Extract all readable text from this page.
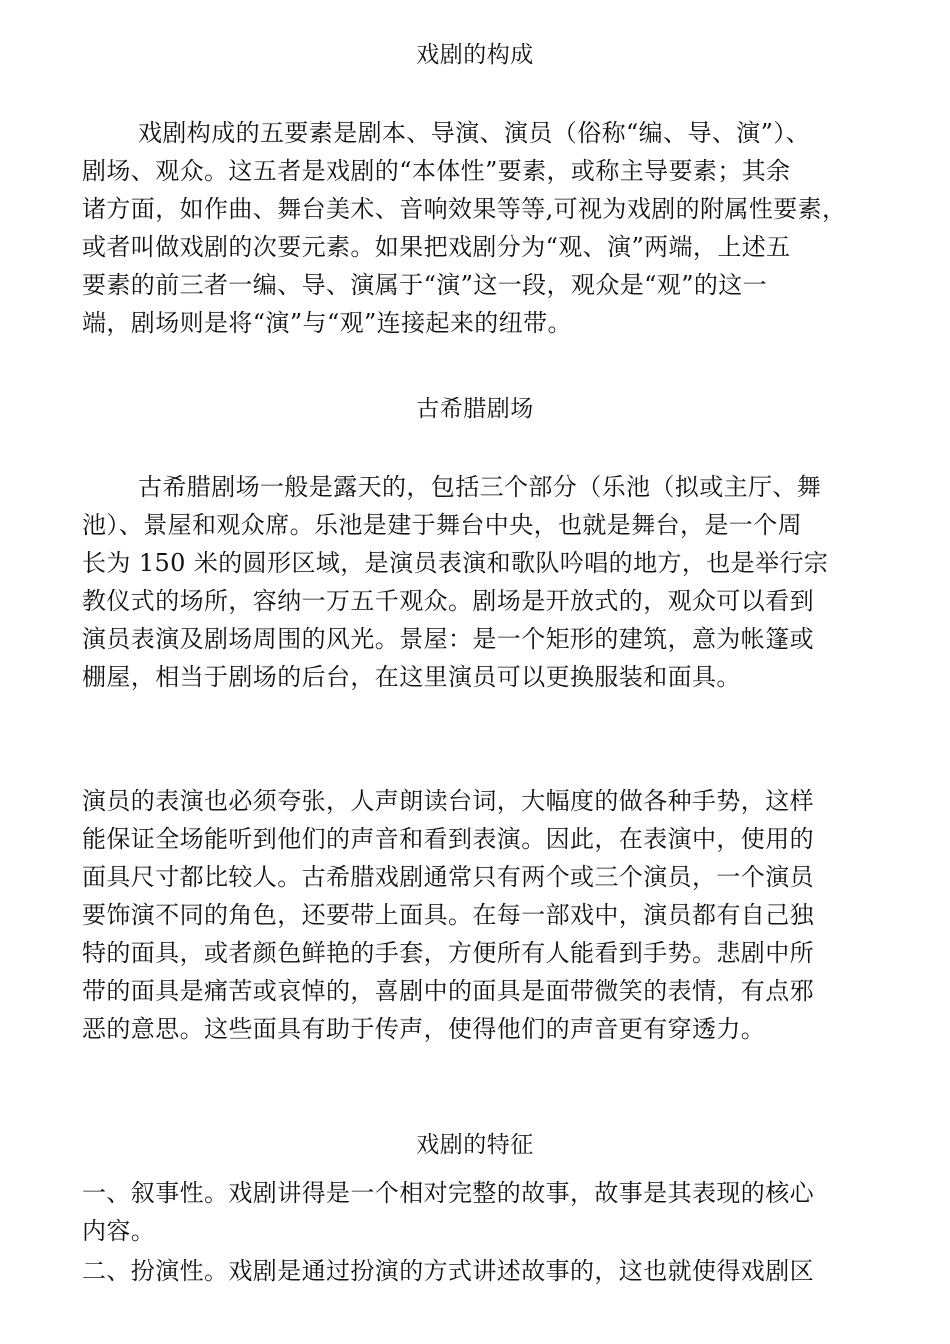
戏剧的构成
戏剧构成的五要素是剧本、导演、演员（俗称“编、导、演”）、
剧场、观众。这五者是戏剧的“本体性”要素，或称主导要素；其余
诸方面，如作曲、舞台美术、音响效果等等,可视为戏剧的附属性要素，
或者叫做戏剧的次要元素。如果把戏剧分为“观、演”两端，上述五
要素的前三者一编、导、演属于“演”这一段，观众是“观”的这一
端，剧场则是将“演”与“观”连接起来的纽带。
古希腊剧场
古希腊剧场一般是露天的，包括三个部分（乐池（拟或主厅、舞
池）、景屋和观众席。乐池是建于舞台中央，也就是舞台，是一个周
长为 150 米的圆形区域，是演员表演和歌队吟唱的地方，也是举行宗
教仪式的场所，容纳一万五千观众。剧场是开放式的，观众可以看到
演员表演及剧场周围的风光。景屋：是一个矩形的建筑，意为帐篷或
棚屋，相当于剧场的后台，在这里演员可以更换服装和面具。
演员的表演也必须夸张，人声朗读台词，大幅度的做各种手势，这样
能保证全场能听到他们的声音和看到表演。因此，在表演中，使用的
面具尺寸都比较人。古希腊戏剧通常只有两个或三个演员，一个演员
要饰演不同的角色，还要带上面具。在每一部戏中，演员都有自己独
特的面具，或者颜色鲜艳的手套，方便所有人能看到手势。悲剧中所
带的面具是痛苦或哀悼的，喜剧中的面具是面带微笑的表情，有点邪
恶的意思。这些面具有助于传声，使得他们的声音更有穿透力。
戏剧的特征
一、叙事性。戏剧讲得是一个相对完整的故事，故事是其表现的核心
内容。
二、扮演性。戏剧是通过扮演的方式讲述故事的，这也就使得戏剧区
